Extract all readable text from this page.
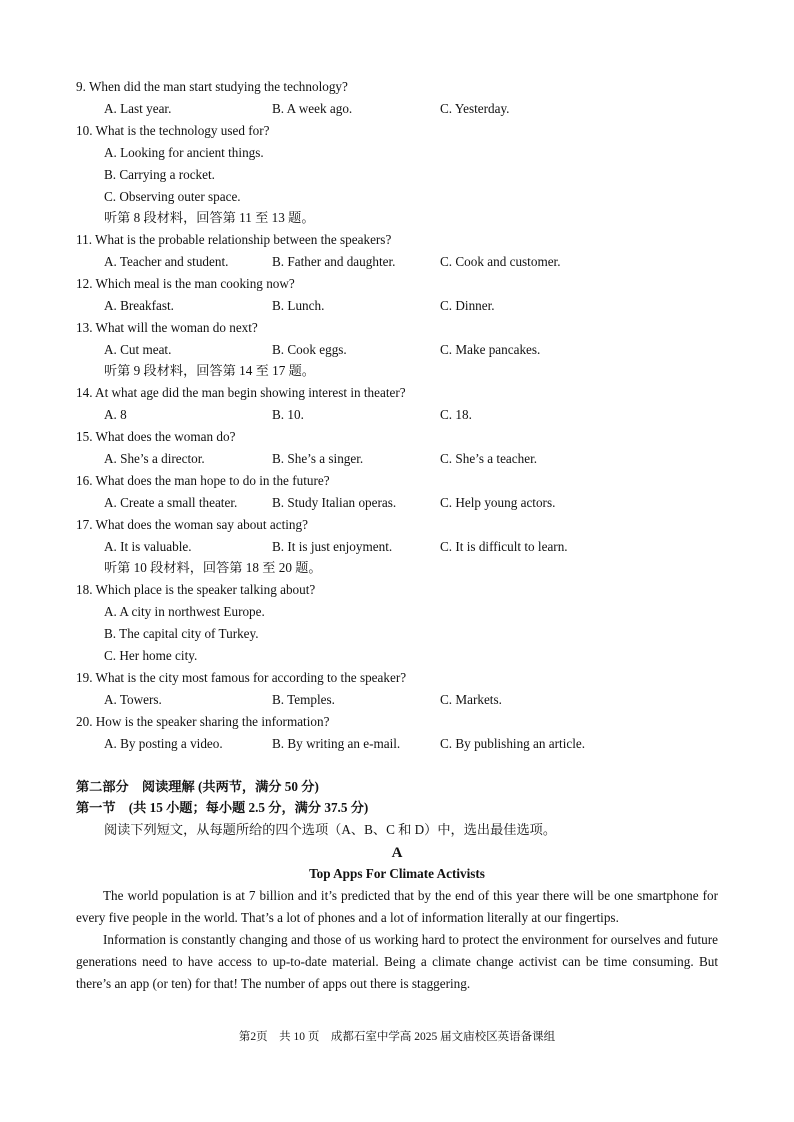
9. When did the man start studying the technology?
A. Last year.	B. A week ago.	C. Yesterday.
10. What is the technology used for?
A. Looking for ancient things.
B. Carrying a rocket.
C. Observing outer space.
听第 8 段材料，回答第 11 至 13 题。
11. What is the probable relationship between the speakers?
A. Teacher and student.	B. Father and daughter.	C. Cook and customer.
12. Which meal is the man cooking now?
A. Breakfast.	B. Lunch.	C. Dinner.
13. What will the woman do next?
A. Cut meat.	B. Cook eggs.	C. Make pancakes.
听第 9 段材料，回答第 14 至 17 题。
14. At what age did the man begin showing interest in theater?
A. 8	B. 10.	C. 18.
15. What does the woman do?
A. She’s a director.	B. She’s a singer.	C. She’s a teacher.
16. What does the man hope to do in the future?
A. Create a small theater.	B. Study Italian operas.	C. Help young actors.
17. What does the woman say about acting?
A. It is valuable.	B. It is just enjoyment.	C. It is difficult to learn.
听第 10 段材料，回答第 18 至 20 题。
18. Which place is the speaker talking about?
A. A city in northwest Europe.
B. The capital city of Turkey.
C. Her home city.
19. What is the city most famous for according to the speaker?
A. Towers.	B. Temples.	C. Markets.
20. How is the speaker sharing the information?
A. By posting a video.	B. By writing an e-mail.	C. By publishing an article.
第二部分　阅读理解 (共两节，满分 50 分)
第一节　(共 15 小题；每小题 2.5 分，满分 37.5 分)
阅读下列短文，从每题所给的四个选项（A、B、C 和 D）中，选出最佳选项。
A
Top Apps For Climate Activists

The world population is at 7 billion and it’s predicted that by the end of this year there will be one smartphone for every five people in the world. That’s a lot of phones and a lot of information literally at our fingertips.

Information is constantly changing and those of us working hard to protect the environment for ourselves and future generations need to have access to up-to-date material. Being a climate change activist can be time consuming. But there’s an app (or ten) for that! The number of apps out there is staggering.

第2页　共 10 页　成都石室中学高 2025 届文庙校区英语备课组
